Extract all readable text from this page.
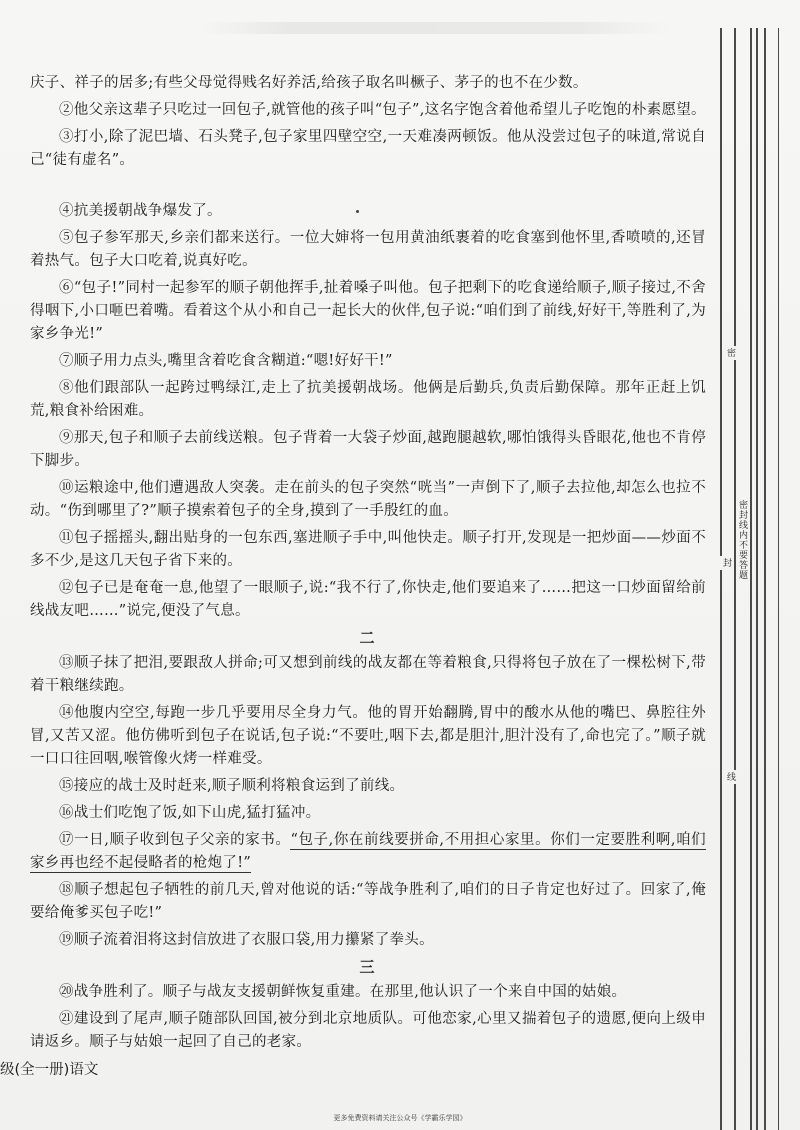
庆子、祥子的居多;有些父母觉得贱名好养活,给孩子取名叫橛子、茅子的也不在少数。

②他父亲这辈子只吃过一回包子,就管他的孩子叫“包子”,这名字饱含着他希望儿子吃饱的朴素愿望。

③打小,除了泥巴墙、石头凳子,包子家里四壁空空,一天难凑两顿饭。他从没尝过包子的味道,常说自己“徒有虚名”。

④抗美援朝战争爆发了。

⑤包子参军那天,乡亲们都来送行。一位大婶将一包用黄油纸裹着的吃食塞到他怀里,香喷喷的,还冒着热气。包子大口吃着,说真好吃。

⑥“包子!”同村一起参军的顺子朝他挥手,扯着嗓子叫他。包子把剩下的吃食递给顺子,顺子接过,不舍得咽下,小口咂巴着嘴。看着这个从小和自己一起长大的伙伴,包子说:“咱们到了前线,好好干,等胜利了,为家乡争光!”

⑦顺子用力点头,嘴里含着吃食含糊道:“嗯!好好干!”

⑧他们跟部队一起跨过鸭绿江,走上了抗美援朝战场。他俩是后勤兵,负责后勤保障。那年正赶上饥荒,粮食补给困难。

⑨那天,包子和顺子去前线送粮。包子背着一大袋子炒面,越跑腿越软,哪怕饿得头昏眼花,他也不肯停下脚步。

⑩运粮途中,他们遭遇敌人突袭。走在前头的包子突然“咣当”一声倒下了,顺子去拉他,却怎么也拉不动。“伤到哪里了?”顺子摸索着包子的全身,摸到了一手殷红的血。

⑪包子摇摇头,翻出贴身的一包东西,塞进顺子手中,叫他快走。顺子打开,发现是一把炒面——炒面不多不少,是这几天包子省下来的。

⑫包子已是奄奄一息,他望了一眼顺子,说:“我不行了,你快走,他们要追来了……把这一口炒面留给前线战友吧……”说完,便没了气息。

二

⑬顺子抹了把泪,要跟敌人拼命;可又想到前线的战友都在等着粮食,只得将包子放在了一棵松树下,带着干粮继续跑。

⑭他腹内空空,每跑一步几乎要用尽全身力气。他的胃开始翻腾,胃中的酸水从他的嘴巴、鼻腔往外冒,又苦又涩。他仿佛听到包子在说话,包子说:“不要吐,咽下去,都是胆汁,胆汁没有了,命也完了。”顺子就一口口往回咽,喉管像火烤一样难受。

⑮接应的战士及时赶来,顺子顺利将粮食运到了前线。

⑯战士们吃饱了饭,如下山虎,猛打猛冲。

⑰一日,顺子收到包子父亲的家书。“包子,你在前线要拼命,不用担心家里。你们一定要胜利啊,咱们家乡再也经不起侵略者的枪炮了!”

⑱顺子想起包子牺牲的前几天,曾对他说的话:“等战争胜利了,咱们的日子肯定也好过了。回家了,俺要给俺爹买包子吃!”

⑲顺子流着泪将这封信放进了衣服口袋,用力攥紧了拳头。

三

⑳战争胜利了。顺子与战友支援朝鲜恢复重建。在那里,他认识了一个来自中国的姑娘。

㉑建设到了尾声,顺子随部队回国,被分到北京地质队。可他恋家,心里又揣着包子的遗愿,便向上级申请返乡。顺子与姑娘一起回了自己的老家。

级(全一册)语文
更多免费资料请关注公众号《学霸乐学园》
密
密封线内不要答题
封
线
